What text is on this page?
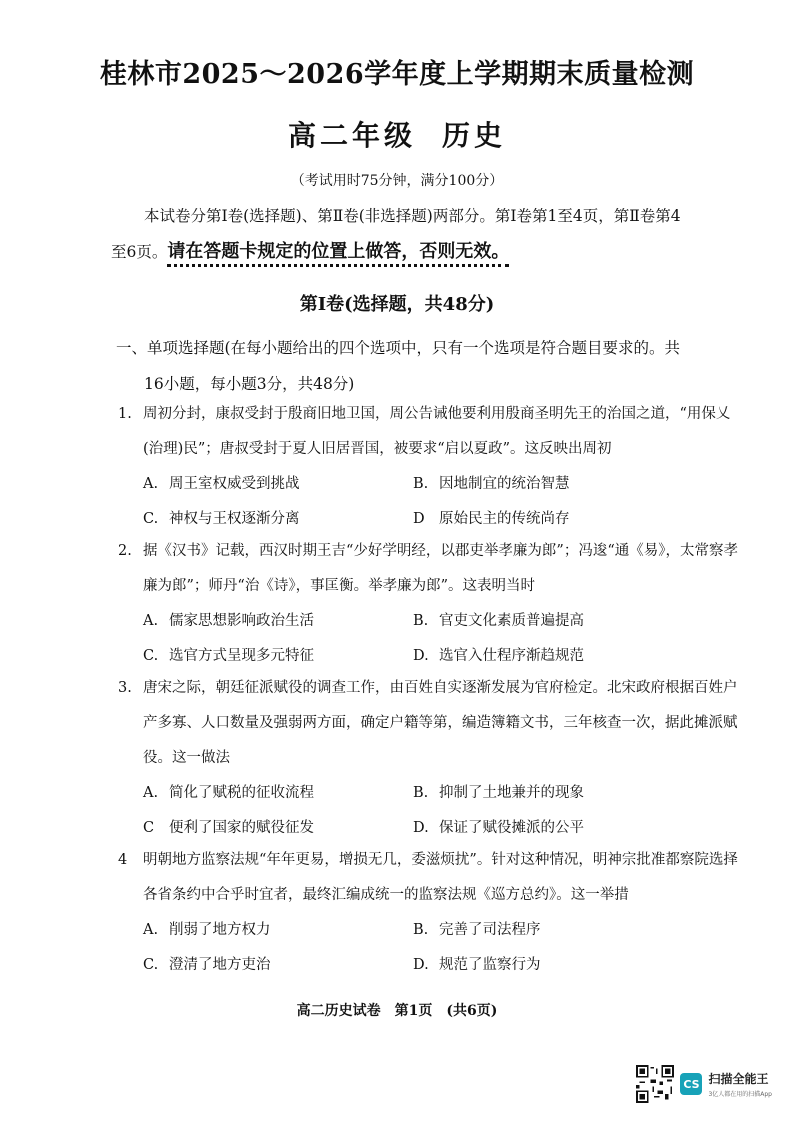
桂林市2025～2026学年度上学期期末质量检测
高二年级 历史
（考试用时75分钟，满分100分）

本试卷分第Ⅰ卷(选择题)、第Ⅱ卷(非选择题)两部分。第Ⅰ卷第1至4页，第Ⅱ卷第4

至6页。请在答题卡规定的位置上做答，否则无效。

第Ⅰ卷(选择题，共48分)
一、单项选择题(在每小题给出的四个选项中，只有一个选项是符合题目要求的。共
16小题，每小题3分，共48分)

1. 周初分封，康叔受封于殷商旧地卫国，周公告诫他要利用殷商圣明先王的治国之道，“用保乂(治理)民”；唐叔受封于夏人旧居晋国，被要求“启以夏政”。这反映出周初

A. 周王室权威受到挑战	B. 因地制宜的统治智慧
C. 神权与王权逐渐分离	D 原始民主的传统尚存

2. 据《汉书》记载，西汉时期王吉“少好学明经，以郡吏举孝廉为郎”；冯逡“通《易》，太常察孝廉为郎”；师丹“治《诗》，事匡衡。举孝廉为郎”。这表明当时

A. 儒家思想影响政治生活	B. 官吏文化素质普遍提高
C. 选官方式呈现多元特征	D. 选官入仕程序渐趋规范

3. 唐宋之际，朝廷征派赋役的调查工作，由百姓自实逐渐发展为官府检定。北宋政府根据百姓户产多寡、人口数量及强弱两方面，确定户籍等第，编造簿籍文书，三年核查一次，据此摊派赋役。这一做法

A. 简化了赋税的征收流程	B. 抑制了土地兼并的现象
C	便利了国家的赋役征发	D. 保证了赋役摊派的公平

4 明朝地方监察法规“年年更易，增损无几，委滋烦扰”。针对这种情况，明神宗批准都察院选择各省条约中合乎时宜者，最终汇编成统一的监察法规《巡方总约》。这一举措

A. 削弱了地方权力	B. 完善了司法程序
C. 澄清了地方吏治	D. 规范了监察行为
高二历史试卷　第1页　(共6页)
CS 扫描全能王
3亿人都在用的扫描App
